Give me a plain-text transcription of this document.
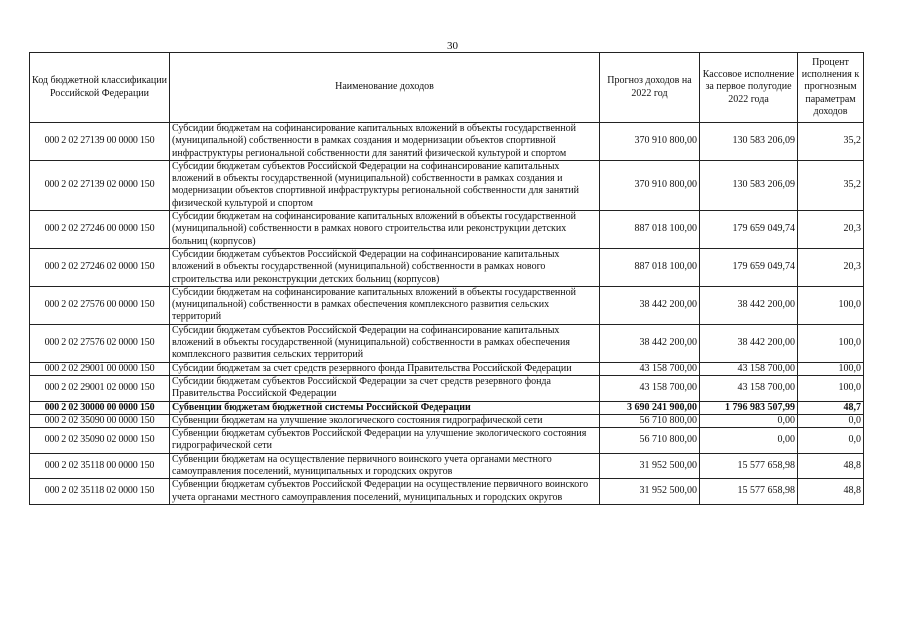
30
Код бюджетной классификации Российской Федерации	Наименование доходов	Прогноз доходов на 2022 год	Кассовое исполнение за первое полугодие 2022 года	Процент исполнения к прогнозным параметрам доходов
000 2 02 27139 00 0000 150	Субсидии бюджетам на софинансирование капитальных вложений в объекты государственной (муниципальной) собственности в рамках создания и модернизации объектов спортивной инфраструктуры региональной собственности для занятий физической культурой и спортом	370 910 800,00	130 583 206,09	35,2
000 2 02 27139 02 0000 150	Субсидии бюджетам субъектов Российской Федерации на софинансирование капитальных вложений в объекты государственной (муниципальной) собственности в рамках создания и модернизации объектов спортивной инфраструктуры региональной собственности для занятий физической культурой и спортом	370 910 800,00	130 583 206,09	35,2
000 2 02 27246 00 0000 150	Субсидии бюджетам на софинансирование капитальных вложений в объекты государственной (муниципальной) собственности в рамках нового строительства или реконструкции детских больниц (корпусов)	887 018 100,00	179 659 049,74	20,3
000 2 02 27246 02 0000 150	Субсидии бюджетам субъектов Российской Федерации на софинансирование капитальных вложений в объекты государственной (муниципальной) собственности в рамках нового строительства или реконструкции детских больниц (корпусов)	887 018 100,00	179 659 049,74	20,3
000 2 02 27576 00 0000 150	Субсидии бюджетам на софинансирование капитальных вложений в объекты государственной (муниципальной) собственности в рамках обеспечения комплексного развития сельских территорий	38 442 200,00	38 442 200,00	100,0
000 2 02 27576 02 0000 150	Субсидии бюджетам субъектов Российской Федерации на софинансирование капитальных вложений в объекты государственной (муниципальной) собственности в рамках обеспечения комплексного развития сельских территорий	38 442 200,00	38 442 200,00	100,0
000 2 02 29001 00 0000 150	Субсидии бюджетам за счет средств резервного фонда Правительства Российской Федерации	43 158 700,00	43 158 700,00	100,0
000 2 02 29001 02 0000 150	Субсидии бюджетам субъектов Российской Федерации за счет средств резервного фонда Правительства Российской Федерации	43 158 700,00	43 158 700,00	100,0
000 2 02 30000 00 0000 150	Субвенции бюджетам бюджетной системы Российской Федерации	3 690 241 900,00	1 796 983 507,99	48,7
000 2 02 35090 00 0000 150	Субвенции бюджетам на улучшение экологического состояния гидрографической сети	56 710 800,00	0,00	0,0
000 2 02 35090 02 0000 150	Субвенции бюджетам субъектов Российской Федерации на улучшение экологического состояния гидрографической сети	56 710 800,00	0,00	0,0
000 2 02 35118 00 0000 150	Субвенции бюджетам на осуществление первичного воинского учета органами местного самоуправления поселений, муниципальных и городских округов	31 952 500,00	15 577 658,98	48,8
000 2 02 35118 02 0000 150	Субвенции бюджетам субъектов Российской Федерации на осуществление первичного воинского учета органами местного самоуправления поселений, муниципальных и городских округов	31 952 500,00	15 577 658,98	48,8
